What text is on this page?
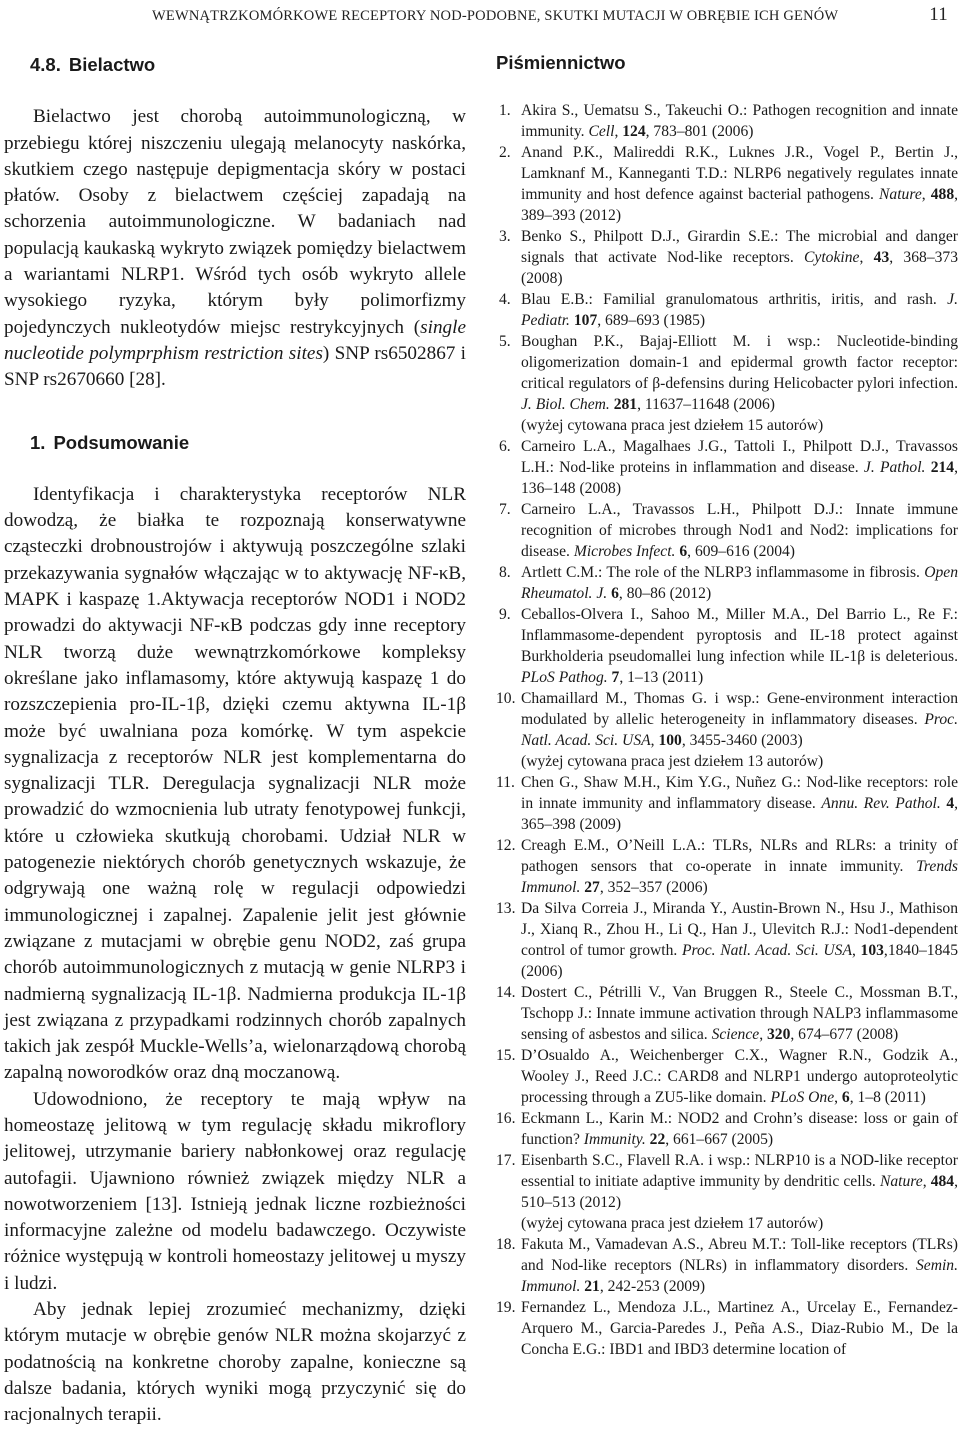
WEWNĄTRZKOMÓRKOWE RECEPTORY NOD-PODOBNE, SKUTKI MUTACJI W OBRĘBIE ICH GENÓW	11
4.8. Bielactwo

Bielactwo jest chorobą autoimmunologiczną, w przebiegu której niszczeniu ulegają melanocyty naskórka, skutkiem czego następuje depigmentacja skóry w postaci płatów. Osoby z bielactwem częściej zapadają na schorzenia autoimmunologiczne. W badaniach nad populacją kaukaską wykryto związek pomiędzy bielactwem a wariantami NLRP1. Wśród tych osób wykryto allele wysokiego ryzyka, którym były polimorfizmy pojedynczych nukleotydów miejsc restrykcyjnych (single nucleotide polymprphism restriction sites) SNP rs6502867 i SNP rs2670660 [28].

1. Podsumowanie

Identyfikacja i charakterystyka receptorów NLR dowodzą, że białka te rozpoznają konserwatywne cząsteczki drobnoustrojów i aktywują poszczególne szlaki przekazywania sygnałów włączając w to aktywację NF-κB, MAPK i kaspazę 1.Aktywacja receptorów NOD1 i NOD2 prowadzi do aktywacji NF-κB podczas gdy inne receptory NLR tworzą duże wewnątrzkomórkowe kompleksy określane jako inflamasomy, które aktywują kaspazę 1 do rozszczepienia pro-IL-1β, dzięki czemu aktywna IL-1β może być uwalniana poza komórkę. W tym aspekcie sygnalizacja z receptorów NLR jest komplementarna do sygnalizacji TLR. Deregulacja sygnalizacji NLR może prowadzić do wzmocnienia lub utraty fenotypowej funkcji, które u człowieka skutkują chorobami. Udział NLR w patogenezie niektórych chorób genetycznych wskazuje, że odgrywają one ważną rolę w regulacji odpowiedzi immunologicznej i zapalnej. Zapalenie jelit jest głównie związane z mutacjami w obrębie genu NOD2, zaś grupa chorób autoimmunologicznych z mutacją w genie NLRP3 i nadmierną sygnalizacją IL-1β. Nadmierna produkcja IL-1β jest związana z przypadkami rodzinnych chorób zapalnych takich jak zespół Muckle-Wells’a, wielonarządową chorobą zapalną noworodków oraz dną moczanową.

Udowodniono, że receptory te mają wpływ na homeostazę jelitową w tym regulację składu mikroflory jelitowej, utrzymanie bariery nabłonkowej oraz regulację autofagii. Ujawniono również związek między NLR a nowotworzeniem [13]. Istnieją jednak liczne rozbieżności informacyjne zależne od modelu badawczego. Oczywiste różnice występują w kontroli homeostazy jelitowej u myszy i ludzi.

Aby jednak lepiej zrozumieć mechanizmy, dzięki którym mutacje w obrębie genów NLR można skojarzyć z podatnością na konkretne choroby zapalne, konieczne są dalsze badania, których wyniki mogą przyczynić się do racjonalnych terapii.

Piśmiennictwo
1. Akira S., Uematsu S., Takeuchi O.: Pathogen recognition and innate immunity. Cell, 124, 783‒801 (2006)
2. Anand P.K., Malireddi R.K., Luknes J.R., Vogel P., Bertin J., Lamknanf M., Kanneganti T.D.: NLRP6 negatively regulates innate immunity and host defence against bacterial pathogens. Nature, 488, 389‒393 (2012)
3. Benko S., Philpott D.J., Girardin S.E.: The microbial and danger signals that activate Nod-like receptors. Cytokine, 43, 368‒373 (2008)
4. Blau E.B.: Familial granulomatous arthritis, iritis, and rash. J. Pediatr. 107, 689‒693 (1985)
5. Boughan P.K., Bajaj-Elliott M. i wsp.: Nucleotide-binding oligomerization domain-1 and epidermal growth factor receptor: critical regulators of β-defensins during Helicobacter pylori infection. J. Biol. Chem. 281, 11637‒11648 (2006)
(wyżej cytowana praca jest dziełem 15 autorów)
6. Carneiro L.A., Magalhaes J.G., Tattoli I., Philpott D.J., Travassos L.H.: Nod-like proteins in inflammation and disease. J. Pathol. 214, 136‒148 (2008)
7. Carneiro L.A., Travassos L.H., Philpott D.J.: Innate immune recognition of microbes through Nod1 and Nod2: implications for disease. Microbes Infect. 6, 609‒616 (2004)
8. Artlett C.M.: The role of the NLRP3 inflammasome in fibrosis. Open Rheumatol. J. 6, 80‒86 (2012)
9. Ceballos-Olvera I., Sahoo M., Miller M.A., Del Barrio L., Re F.: Inflammasome-dependent pyroptosis and IL-18 protect against Burkholderia pseudomallei lung infection while IL-1β is deleterious. PLoS Pathog. 7, 1‒13 (2011)
10. Chamaillard M., Thomas G. i wsp.: Gene-environment interaction modulated by allelic heterogeneity in inflammatory diseases. Proc. Natl. Acad. Sci. USA, 100, 3455-3460 (2003)
(wyżej cytowana praca jest dziełem 13 autorów)
11. Chen G., Shaw M.H., Kim Y.G., Nuñez G.: Nod-like receptors: role in innate immunity and inflammatory disease. Annu. Rev. Pathol. 4, 365‒398 (2009)
12. Creagh E.M., O’Neill L.A.: TLRs, NLRs and RLRs: a trinity of pathogen sensors that co-operate in innate immunity. Trends Immunol. 27, 352‒357 (2006)
13. Da Silva Correia J., Miranda Y., Austin-Brown N., Hsu J., Mathison J., Xianq R., Zhou H., Li Q., Han J., Ulevitch R.J.: Nod1-dependent control of tumor growth. Proc. Natl. Acad. Sci. USA, 103,1840‒1845 (2006)
14. Dostert C., Pétrilli V., Van Bruggen R., Steele C., Mossman B.T., Tschopp J.: Innate immune activation through NALP3 inflammasome sensing of asbestos and silica. Science, 320, 674‒677 (2008)
15. D’Osualdo A., Weichenberger C.X., Wagner R.N., Godzik A., Wooley J., Reed J.C.: CARD8 and NLRP1 undergo autoproteolytic processing through a ZU5-like domain. PLoS One, 6, 1‒8 (2011)
16. Eckmann L., Karin M.: NOD2 and Crohn’s disease: loss or gain of function? Immunity. 22, 661‒667 (2005)
17. Eisenbarth S.C., Flavell R.A. i wsp.: NLRP10 is a NOD-like receptor essential to initiate adaptive immunity by dendritic cells. Nature, 484, 510‒513 (2012)
(wyżej cytowana praca jest dziełem 17 autorów)
18. Fakuta M., Vamadevan A.S., Abreu M.T.: Toll-like receptors (TLRs) and Nod-like receptors (NLRs) in inflammatory disorders. Semin. Immunol. 21, 242-253 (2009)
19. Fernandez L., Mendoza J.L., Martinez A., Urcelay E., Fernandez-Arquero M., Garcia-Paredes J., Peña A.S., Diaz-Rubio M., De la Concha E.G.: IBD1 and IBD3 determine location of
